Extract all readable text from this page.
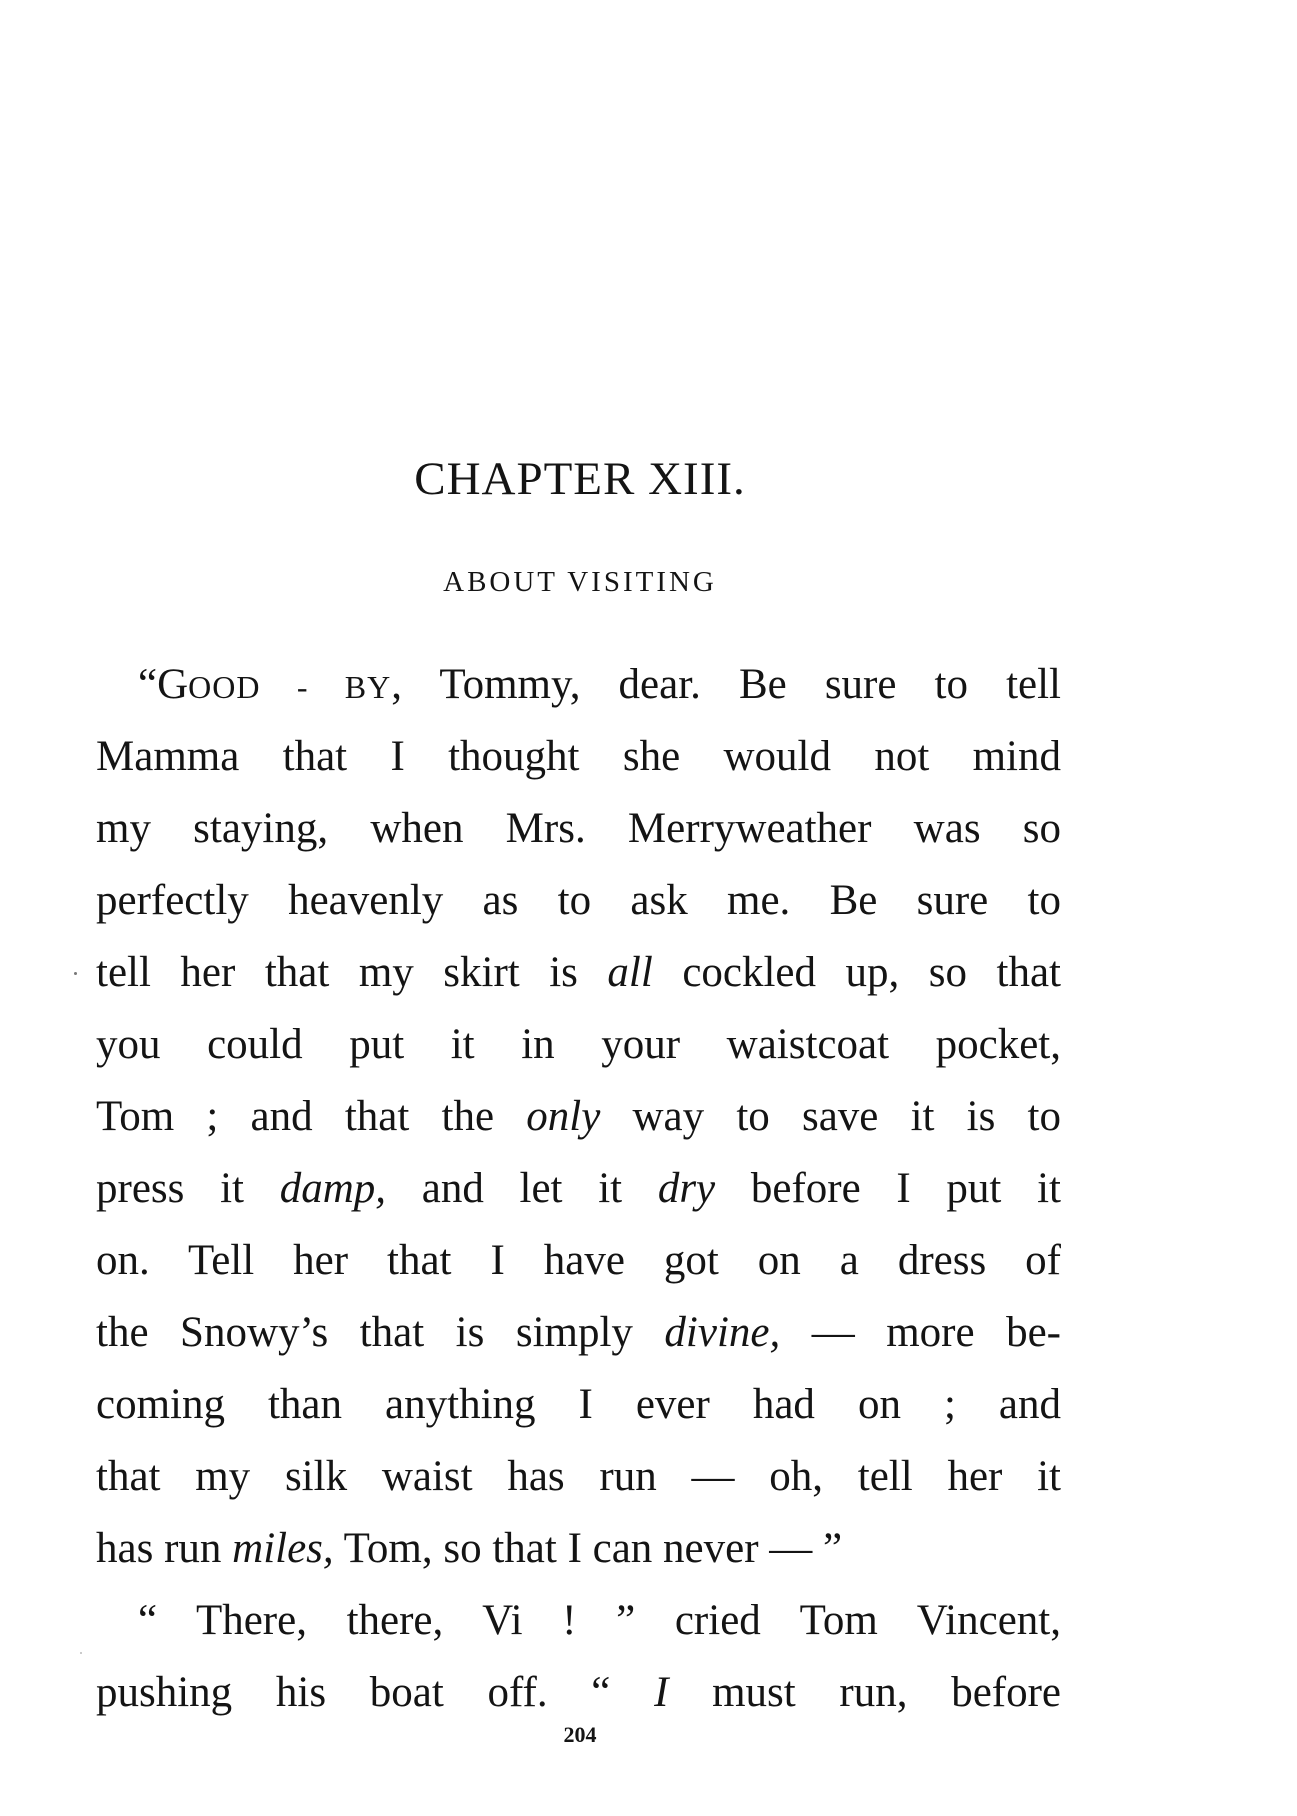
CHAPTER XIII.
ABOUT VISITING
“GOOD - BY, Tommy, dear. Be sure to tell
Mamma that I thought she would not mind
my staying, when Mrs. Merryweather was so
perfectly heavenly as to ask me. Be sure to
tell her that my skirt is all cockled up, so that
you could put it in your waistcoat pocket,
Tom ; and that the only way to save it is to
press it damp, and let it dry before I put it
on. Tell her that I have got on a dress of
the Snowy’s that is simply divine, — more be-
coming than anything I ever had on ; and
that my silk waist has run — oh, tell her it
has run miles, Tom, so that I can never — ”
“ There, there, Vi ! ” cried Tom Vincent,
pushing his boat off. “ I must run, before
204
